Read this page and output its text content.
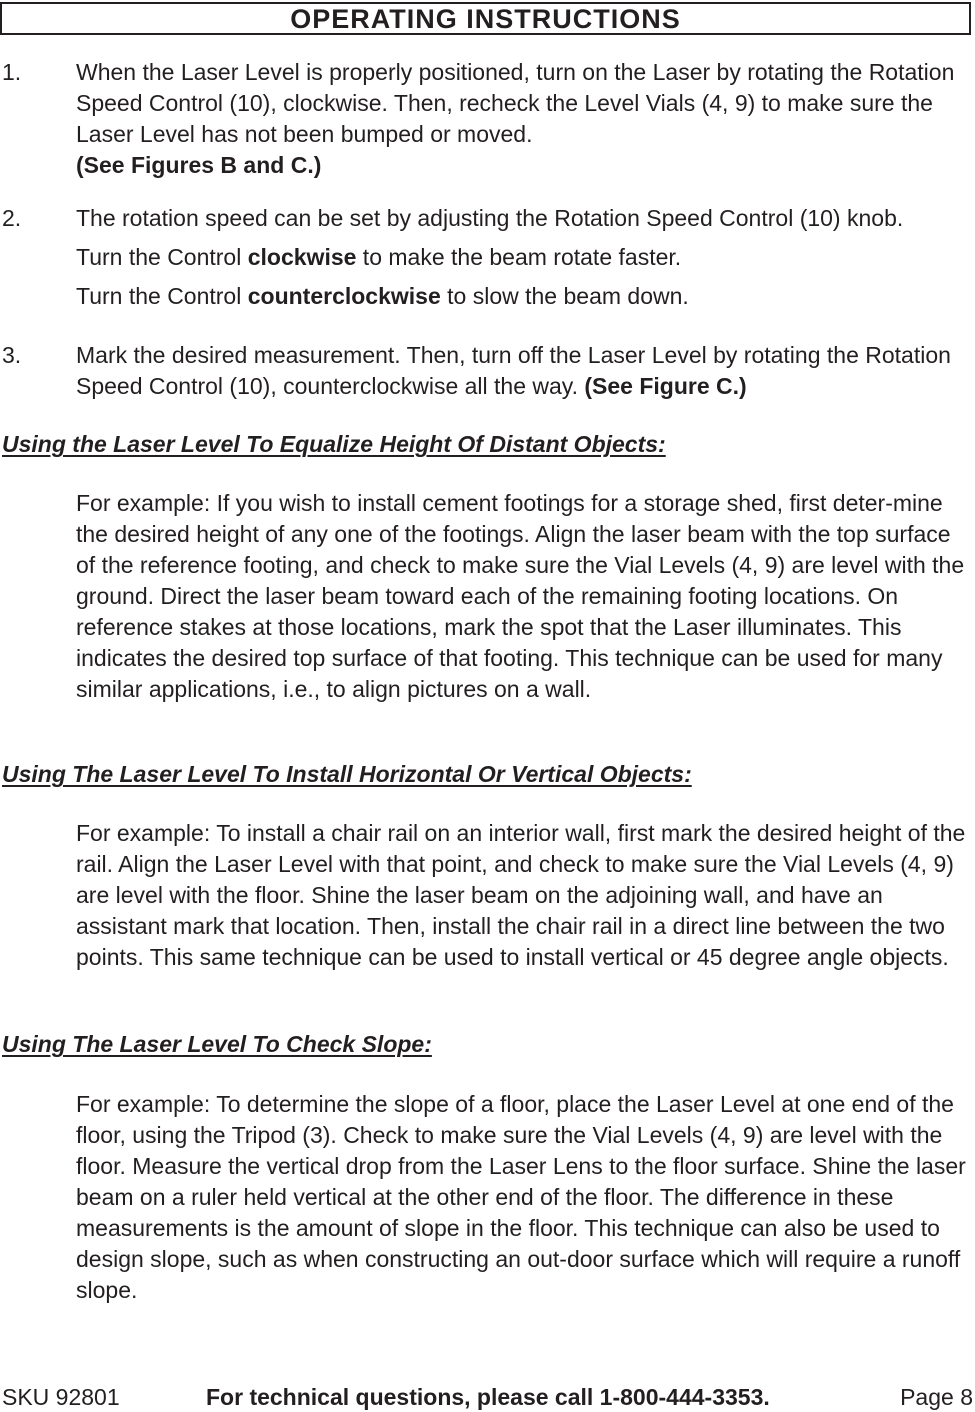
OPERATING INSTRUCTIONS
1. When the Laser Level is properly positioned, turn on the Laser by rotating the Rotation Speed Control (10), clockwise. Then, recheck the Level Vials (4, 9) to make sure the Laser Level has not been bumped or moved.

(See Figures B and C.)

2. The rotation speed can be set by adjusting the Rotation Speed Control (10) knob.

Turn the Control clockwise to make the beam rotate faster.
Turn the Control counterclockwise to slow the beam down.
3. Mark the desired measurement. Then, turn off the Laser Level by rotating the Rotation Speed Control (10), counterclockwise all the way. (See Figure C.)

Using the Laser Level To Equalize Height Of Distant Objects:

For example: If you wish to install cement footings for a storage shed, first deter-mine the desired height of any one of the footings. Align the laser beam with the top surface of the reference footing, and check to make sure the Vial Levels (4, 9) are level with the ground. Direct the laser beam toward each of the remaining footing locations. On reference stakes at those locations, mark the spot that the Laser illuminates. This indicates the desired top surface of that footing. This technique can be used for many similar applications, i.e., to align pictures on a wall.

Using The Laser Level To Install Horizontal Or Vertical Objects:

For example: To install a chair rail on an interior wall, first mark the desired height of the rail. Align the Laser Level with that point, and check to make sure the Vial Levels (4, 9) are level with the floor. Shine the laser beam on the adjoining wall, and have an assistant mark that location. Then, install the chair rail in a direct line between the two points. This same technique can be used to install vertical or 45 degree angle objects.

Using The Laser Level To Check Slope:

For example: To determine the slope of a floor, place the Laser Level at one end of the floor, using the Tripod (3). Check to make sure the Vial Levels (4, 9) are level with the floor. Measure the vertical drop from the Laser Lens to the floor surface. Shine the laser beam on a ruler held vertical at the other end of the floor. The difference in these measurements is the amount of slope in the floor. This technique can also be used to design slope, such as when constructing an out-door surface which will require a runoff slope.

SKU 92801	For technical questions, please call 1-800-444-3353.	Page 8
